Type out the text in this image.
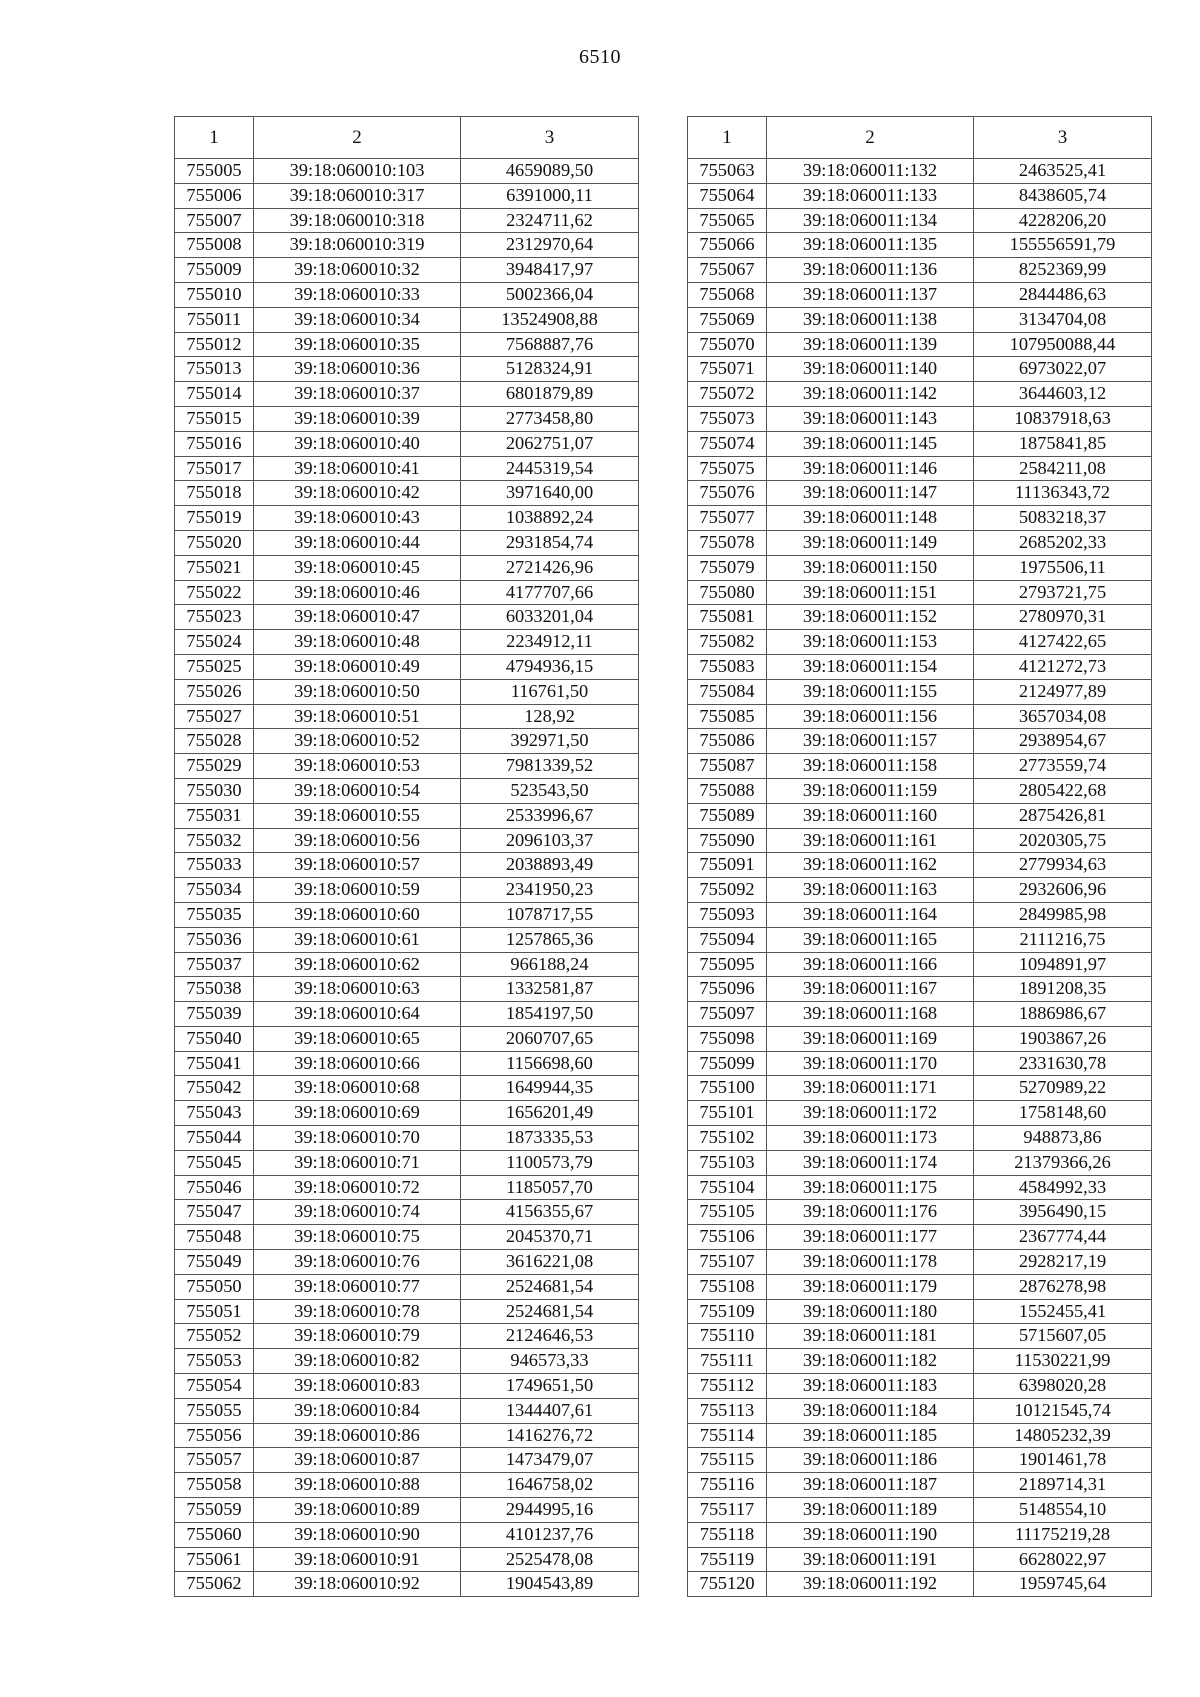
6510
1	2	3
755005	39:18:060010:103	4659089,50
755006	39:18:060010:317	6391000,11
755007	39:18:060010:318	2324711,62
755008	39:18:060010:319	2312970,64
755009	39:18:060010:32	3948417,97
755010	39:18:060010:33	5002366,04
755011	39:18:060010:34	13524908,88
755012	39:18:060010:35	7568887,76
755013	39:18:060010:36	5128324,91
755014	39:18:060010:37	6801879,89
755015	39:18:060010:39	2773458,80
755016	39:18:060010:40	2062751,07
755017	39:18:060010:41	2445319,54
755018	39:18:060010:42	3971640,00
755019	39:18:060010:43	1038892,24
755020	39:18:060010:44	2931854,74
755021	39:18:060010:45	2721426,96
755022	39:18:060010:46	4177707,66
755023	39:18:060010:47	6033201,04
755024	39:18:060010:48	2234912,11
755025	39:18:060010:49	4794936,15
755026	39:18:060010:50	116761,50
755027	39:18:060010:51	128,92
755028	39:18:060010:52	392971,50
755029	39:18:060010:53	7981339,52
755030	39:18:060010:54	523543,50
755031	39:18:060010:55	2533996,67
755032	39:18:060010:56	2096103,37
755033	39:18:060010:57	2038893,49
755034	39:18:060010:59	2341950,23
755035	39:18:060010:60	1078717,55
755036	39:18:060010:61	1257865,36
755037	39:18:060010:62	966188,24
755038	39:18:060010:63	1332581,87
755039	39:18:060010:64	1854197,50
755040	39:18:060010:65	2060707,65
755041	39:18:060010:66	1156698,60
755042	39:18:060010:68	1649944,35
755043	39:18:060010:69	1656201,49
755044	39:18:060010:70	1873335,53
755045	39:18:060010:71	1100573,79
755046	39:18:060010:72	1185057,70
755047	39:18:060010:74	4156355,67
755048	39:18:060010:75	2045370,71
755049	39:18:060010:76	3616221,08
755050	39:18:060010:77	2524681,54
755051	39:18:060010:78	2524681,54
755052	39:18:060010:79	2124646,53
755053	39:18:060010:82	946573,33
755054	39:18:060010:83	1749651,50
755055	39:18:060010:84	1344407,61
755056	39:18:060010:86	1416276,72
755057	39:18:060010:87	1473479,07
755058	39:18:060010:88	1646758,02
755059	39:18:060010:89	2944995,16
755060	39:18:060010:90	4101237,76
755061	39:18:060010:91	2525478,08
755062	39:18:060010:92	1904543,89
1	2	3
755063	39:18:060011:132	2463525,41
755064	39:18:060011:133	8438605,74
755065	39:18:060011:134	4228206,20
755066	39:18:060011:135	155556591,79
755067	39:18:060011:136	8252369,99
755068	39:18:060011:137	2844486,63
755069	39:18:060011:138	3134704,08
755070	39:18:060011:139	107950088,44
755071	39:18:060011:140	6973022,07
755072	39:18:060011:142	3644603,12
755073	39:18:060011:143	10837918,63
755074	39:18:060011:145	1875841,85
755075	39:18:060011:146	2584211,08
755076	39:18:060011:147	11136343,72
755077	39:18:060011:148	5083218,37
755078	39:18:060011:149	2685202,33
755079	39:18:060011:150	1975506,11
755080	39:18:060011:151	2793721,75
755081	39:18:060011:152	2780970,31
755082	39:18:060011:153	4127422,65
755083	39:18:060011:154	4121272,73
755084	39:18:060011:155	2124977,89
755085	39:18:060011:156	3657034,08
755086	39:18:060011:157	2938954,67
755087	39:18:060011:158	2773559,74
755088	39:18:060011:159	2805422,68
755089	39:18:060011:160	2875426,81
755090	39:18:060011:161	2020305,75
755091	39:18:060011:162	2779934,63
755092	39:18:060011:163	2932606,96
755093	39:18:060011:164	2849985,98
755094	39:18:060011:165	2111216,75
755095	39:18:060011:166	1094891,97
755096	39:18:060011:167	1891208,35
755097	39:18:060011:168	1886986,67
755098	39:18:060011:169	1903867,26
755099	39:18:060011:170	2331630,78
755100	39:18:060011:171	5270989,22
755101	39:18:060011:172	1758148,60
755102	39:18:060011:173	948873,86
755103	39:18:060011:174	21379366,26
755104	39:18:060011:175	4584992,33
755105	39:18:060011:176	3956490,15
755106	39:18:060011:177	2367774,44
755107	39:18:060011:178	2928217,19
755108	39:18:060011:179	2876278,98
755109	39:18:060011:180	1552455,41
755110	39:18:060011:181	5715607,05
755111	39:18:060011:182	11530221,99
755112	39:18:060011:183	6398020,28
755113	39:18:060011:184	10121545,74
755114	39:18:060011:185	14805232,39
755115	39:18:060011:186	1901461,78
755116	39:18:060011:187	2189714,31
755117	39:18:060011:189	5148554,10
755118	39:18:060011:190	11175219,28
755119	39:18:060011:191	6628022,97
755120	39:18:060011:192	1959745,64
